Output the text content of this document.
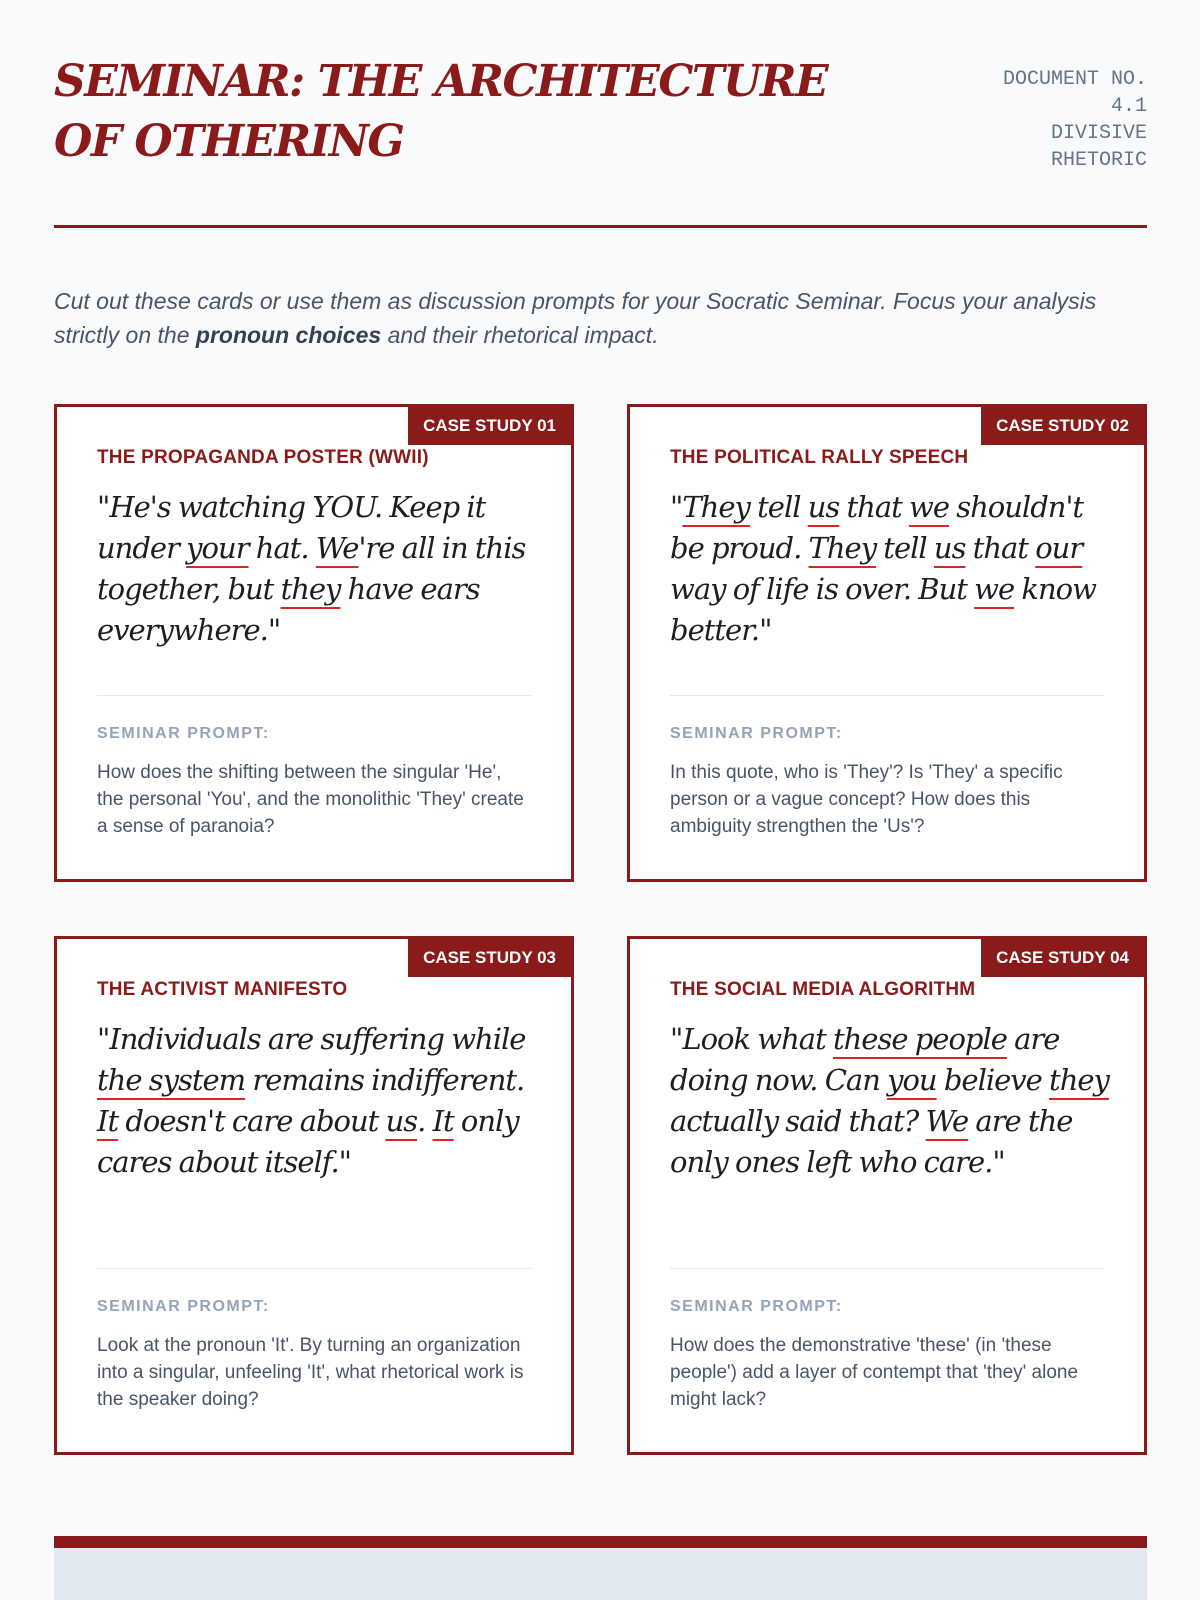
SEMINAR: THE ARCHITECTURE OF OTHERING
DOCUMENT NO.
4.1
DIVISIVE
RHETORIC

Cut out these cards or use them as discussion prompts for your Socratic Seminar. Focus your analysis strictly on the pronoun choices and their rhetorical impact.

CASE STUDY 01
THE PROPAGANDA POSTER (WWII)
"He's watching YOU. Keep it under your hat. We're all in this together, but they have ears everywhere."
SEMINAR PROMPT:
How does the shifting between the singular 'He', the personal 'You', and the monolithic 'They' create a sense of paranoia?
CASE STUDY 02
THE POLITICAL RALLY SPEECH
"They tell us that we shouldn't be proud. They tell us that our way of life is over. But we know better."
SEMINAR PROMPT:
In this quote, who is 'They'? Is 'They' a specific person or a vague concept? How does this ambiguity strengthen the 'Us'?
CASE STUDY 03
THE ACTIVIST MANIFESTO
"Individuals are suffering while the system remains indifferent. It doesn't care about us. It only cares about itself."
SEMINAR PROMPT:
Look at the pronoun 'It'. By turning an organization into a singular, unfeeling 'It', what rhetorical work is the speaker doing?
CASE STUDY 04
THE SOCIAL MEDIA ALGORITHM
"Look what these people are doing now. Can you believe they actually said that? We are the only ones left who care."
SEMINAR PROMPT:
How does the demonstrative 'these' (in 'these people') add a layer of contempt that 'they' alone might lack?
